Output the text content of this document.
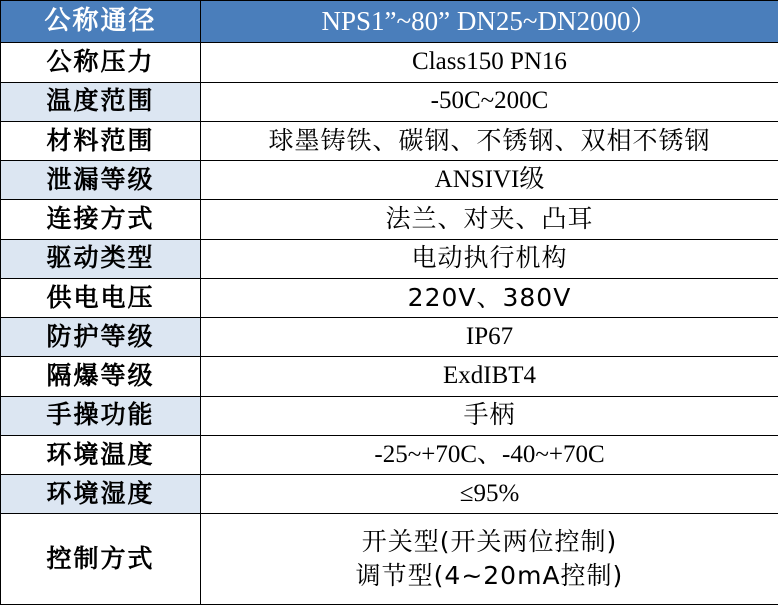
公称通径	NPS1”~80” DN25~DN2000）
公称压力	Class150 PN16
温度范围	-50C~200C
材料范围	球墨铸铁、碳钢、不锈钢、双相不锈钢
泄漏等级	ANSIVI级
连接方式	法兰、对夹、凸耳
驱动类型	电动执行机构
供电电压	220V、380V
防护等级	IP67
隔爆等级	ExdIBT4
手操功能	手柄
环境温度	-25~+70C、-40~+70C
环境湿度	≤95%
控制方式	开关型(开关两位控制)
调节型(4~20mA控制)
